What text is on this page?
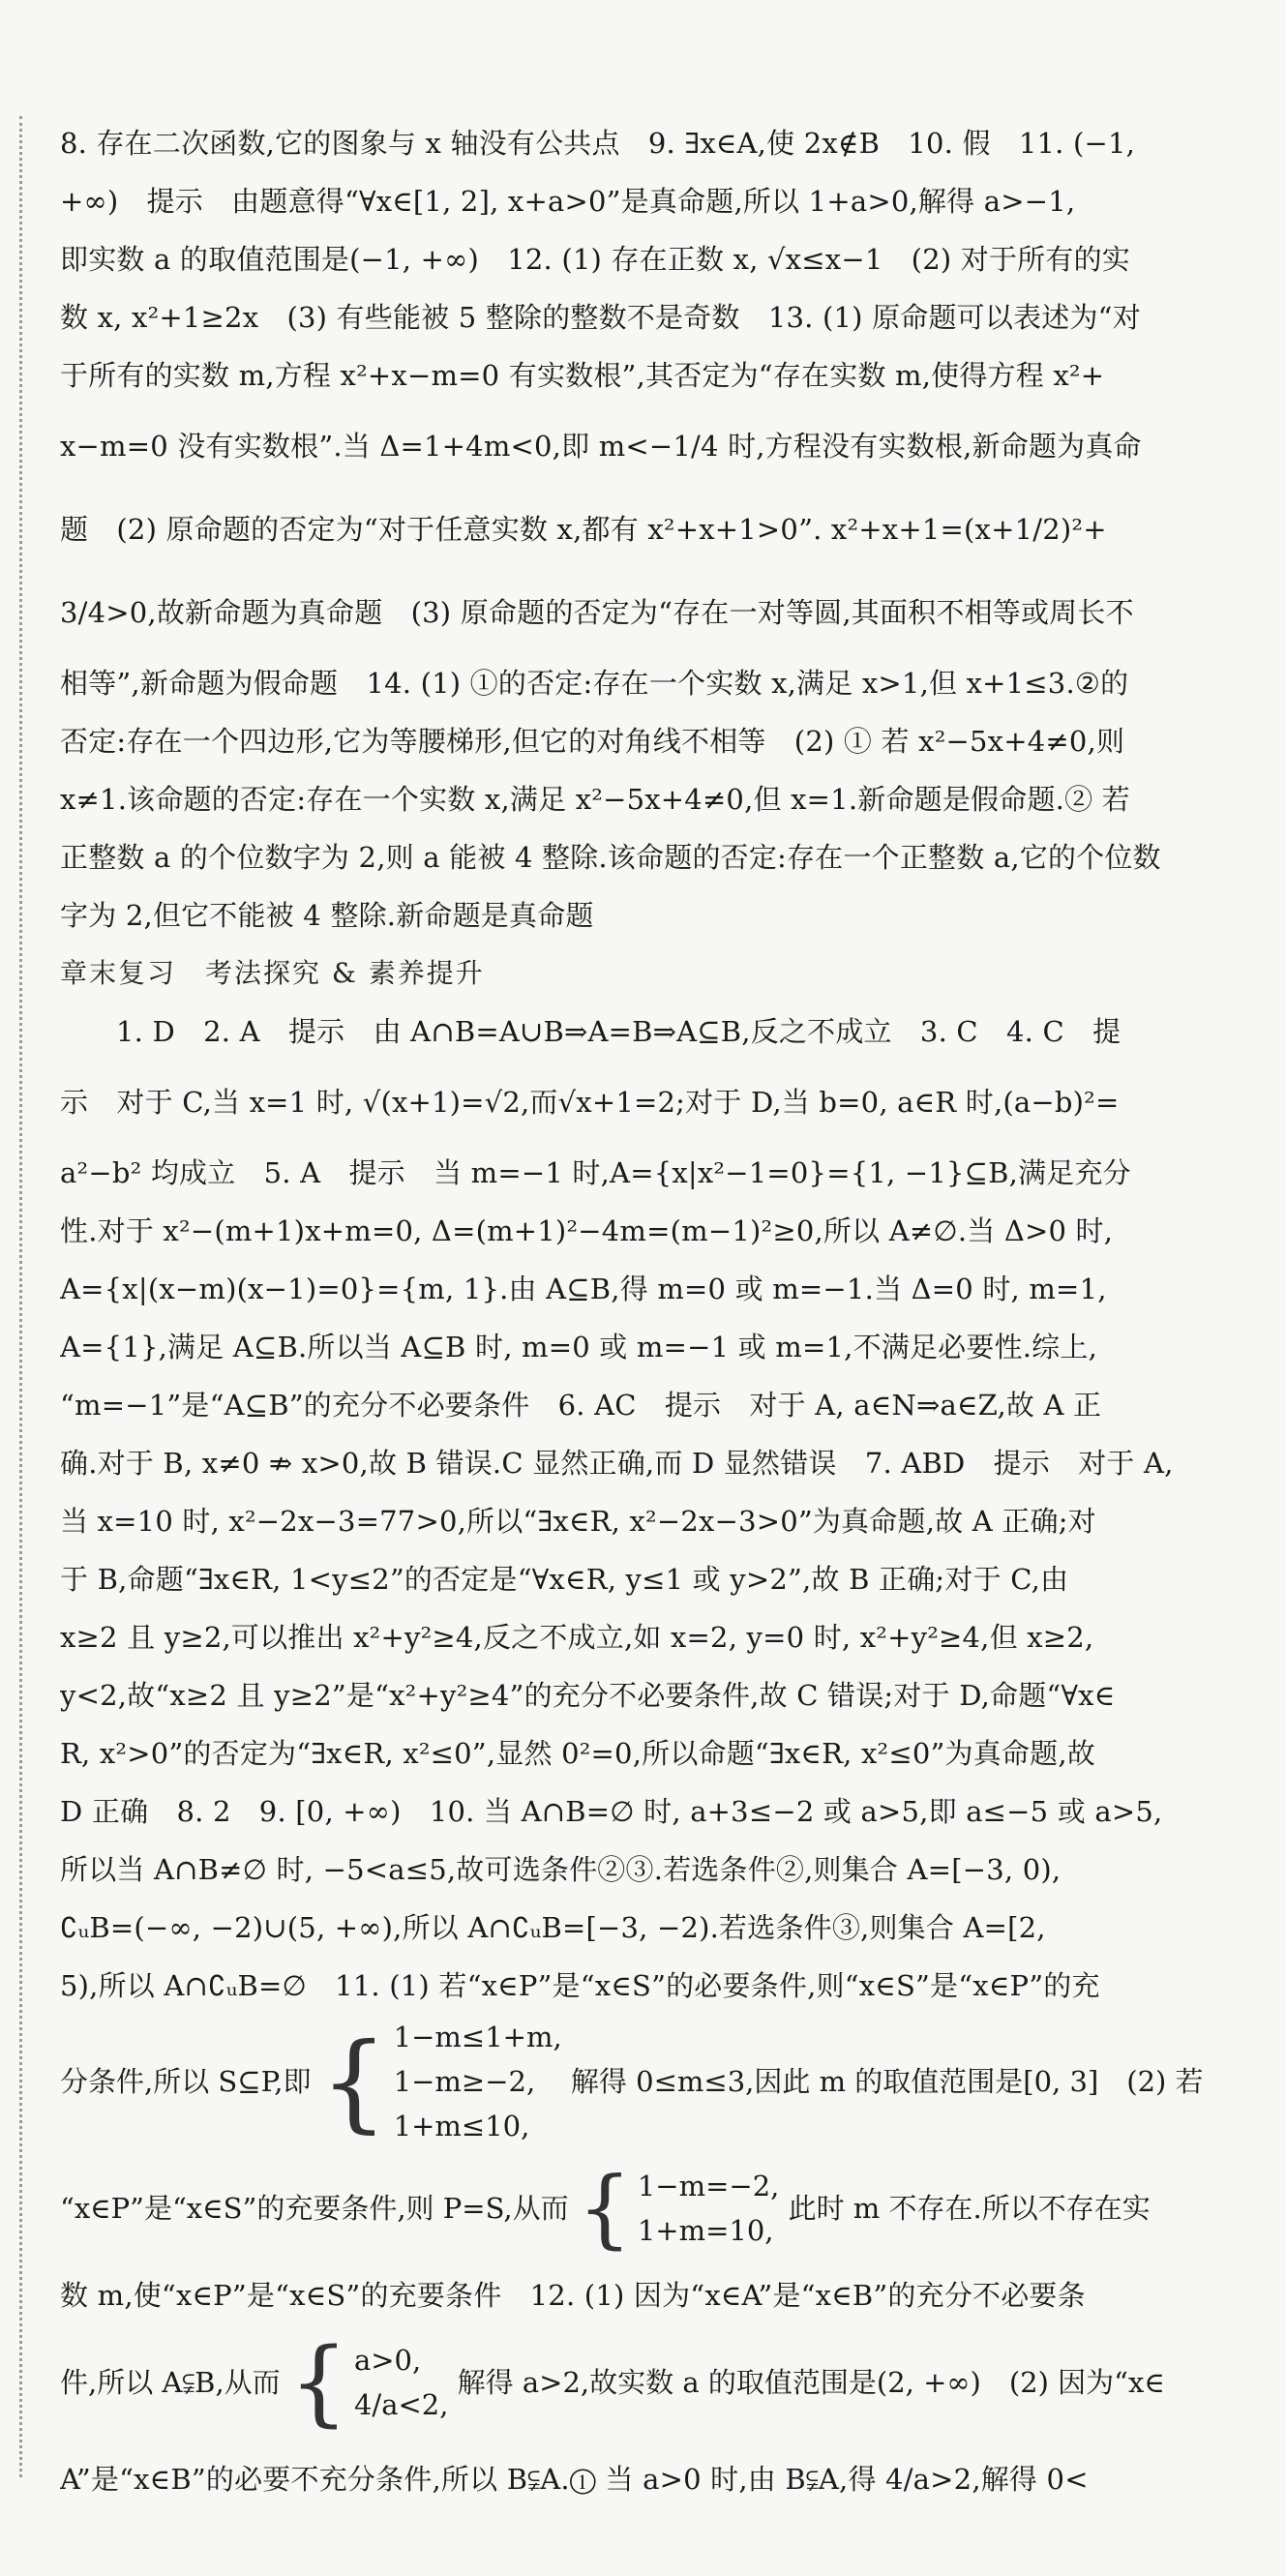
8. 存在二次函数,它的图象与 x 轴没有公共点　9. ∃x∈A,使 2x∉B　10. 假　11. (−1,
+∞)　提示　由题意得“∀x∈[1, 2], x+a>0”是真命题,所以 1+a>0,解得 a>−1,
即实数 a 的取值范围是(−1, +∞)　12. (1) 存在正数 x, √x≤x−1　(2) 对于所有的实
数 x, x²+1≥2x　(3) 有些能被 5 整除的整数不是奇数　13. (1) 原命题可以表述为“对
于所有的实数 m,方程 x²+x−m=0 有实数根”,其否定为“存在实数 m,使得方程 x²+
x−m=0 没有实数根”.当 Δ=1+4m<0,即 m<−1/4 时,方程没有实数根,新命题为真命
题　(2) 原命题的否定为“对于任意实数 x,都有 x²+x+1>0”. x²+x+1=(x+1/2)²+
3/4>0,故新命题为真命题　(3) 原命题的否定为“存在一对等圆,其面积不相等或周长不
相等”,新命题为假命题　14. (1) ①的否定:存在一个实数 x,满足 x>1,但 x+1≤3.②的
否定:存在一个四边形,它为等腰梯形,但它的对角线不相等　(2) ① 若 x²−5x+4≠0,则
x≠1.该命题的否定:存在一个实数 x,满足 x²−5x+4≠0,但 x=1.新命题是假命题.② 若
正整数 a 的个位数字为 2,则 a 能被 4 整除.该命题的否定:存在一个正整数 a,它的个位数
字为 2,但它不能被 4 整除.新命题是真命题
章末复习　考法探究 & 素养提升
1. D　2. A　提示　由 A∩B=A∪B⇒A=B⇒A⊆B,反之不成立　3. C　4. C　提
示　对于 C,当 x=1 时, √(x+1)=√2,而√x+1=2;对于 D,当 b=0, a∈R 时,(a−b)²=
a²−b² 均成立　5. A　提示　当 m=−1 时,A={x|x²−1=0}={1, −1}⊆B,满足充分
性.对于 x²−(m+1)x+m=0, Δ=(m+1)²−4m=(m−1)²≥0,所以 A≠∅.当 Δ>0 时,
A={x|(x−m)(x−1)=0}={m, 1}.由 A⊆B,得 m=0 或 m=−1.当 Δ=0 时, m=1,
A={1},满足 A⊆B.所以当 A⊆B 时, m=0 或 m=−1 或 m=1,不满足必要性.综上,
“m=−1”是“A⊆B”的充分不必要条件　6. AC　提示　对于 A, a∈N⇒a∈Z,故 A 正
确.对于 B, x≠0 ⇏ x>0,故 B 错误.C 显然正确,而 D 显然错误　7. ABD　提示　对于 A,
当 x=10 时, x²−2x−3=77>0,所以“∃x∈R, x²−2x−3>0”为真命题,故 A 正确;对
于 B,命题“∃x∈R, 1<y≤2”的否定是“∀x∈R, y≤1 或 y>2”,故 B 正确;对于 C,由
x≥2 且 y≥2,可以推出 x²+y²≥4,反之不成立,如 x=2, y=0 时, x²+y²≥4,但 x≥2,
y<2,故“x≥2 且 y≥2”是“x²+y²≥4”的充分不必要条件,故 C 错误;对于 D,命题“∀x∈
R, x²>0”的否定为“∃x∈R, x²≤0”,显然 0²=0,所以命题“∃x∈R, x²≤0”为真命题,故
D 正确　8. 2　9. [0, +∞)　10. 当 A∩B=∅ 时, a+3≤−2 或 a>5,即 a≤−5 或 a>5,
所以当 A∩B≠∅ 时, −5<a≤5,故可选条件②③.若选条件②,则集合 A=[−3, 0),
∁ᵤB=(−∞, −2)∪(5, +∞),所以 A∩∁ᵤB=[−3, −2).若选条件③,则集合 A=[2,
5),所以 A∩∁ᵤB=∅　11. (1) 若“x∈P”是“x∈S”的必要条件,则“x∈S”是“x∈P”的充
分条件,所以 S⊆P,即 { 1−m≤1+m,
1−m≥−2,
1+m≤10,
解得 0≤m≤3,因此 m 的取值范围是[0, 3]　(2) 若
“x∈P”是“x∈S”的充要条件,则 P=S,从而 { 1−m=−2,
1+m=10,
此时 m 不存在.所以不存在实
数 m,使“x∈P”是“x∈S”的充要条件　12. (1) 因为“x∈A”是“x∈B”的充分不必要条
件,所以 A⫋B,从而 { a>0,
4/a<2,
解得 a>2,故实数 a 的取值范围是(2, +∞)　(2) 因为“x∈
A”是“x∈B”的必要不充分条件,所以 B⫋A.① 当 a>0 时,由 B⫋A,得 4/a>2,解得 0<
